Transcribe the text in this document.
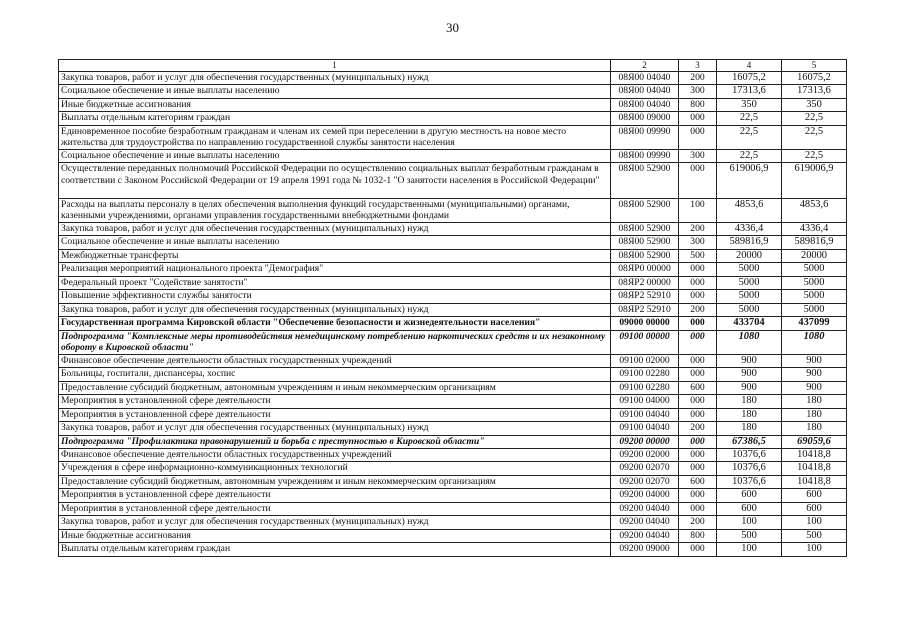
30
1	2	3	4	5
Закупка товаров, работ и услуг для обеспечения государственных (муниципальных) нужд	08Я00 04040	200	16075,2	16075,2
Социальное обеспечение и иные выплаты населению	08Я00 04040	300	17313,6	17313,6
Иные бюджетные ассигнования	08Я00 04040	800	350	350
Выплаты отдельным категориям граждан	08Я00 09000	000	22,5	22,5
Единовременное пособие безработным гражданам и членам их семей при переселении в другую местность на новое место жительства для трудоустройства по направлению государственной службы занятости населения	08Я00 09990	000	22,5	22,5
Социальное обеспечение и иные выплаты населению	08Я00 09990	300	22,5	22,5
Осуществление переданных полномочий Российской Федерации по осуществлению социальных выплат безработным гражданам в соответствии с Законом Российской Федерации от 19 апреля 1991 года № 1032-1 "О занятости населения в Российской Федерации"	08Я00 52900	000	619006,9	619006,9
Расходы на выплаты персоналу в целях обеспечения выполнения функций государственными (муниципальными) органами, казенными учреждениями, органами управления государственными внебюджетными фондами	08Я00 52900	100	4853,6	4853,6
Закупка товаров, работ и услуг для обеспечения государственных (муниципальных) нужд	08Я00 52900	200	4336,4	4336,4
Социальное обеспечение и иные выплаты населению	08Я00 52900	300	589816,9	589816,9
Межбюджетные трансферты	08Я00 52900	500	20000	20000
Реализация мероприятий национального проекта "Демография"	08ЯР0 00000	000	5000	5000
Федеральный проект "Содействие занятости"	08ЯР2 00000	000	5000	5000
Повышение эффективности службы занятости	08ЯР2 52910	000	5000	5000
Закупка товаров, работ и услуг для обеспечения государственных (муниципальных) нужд	08ЯР2 52910	200	5000	5000
Государственная программа Кировской области "Обеспечение безопасности и жизнедеятельности населения"	09000 00000	000	433704	437099
Подпрограмма "Комплексные меры противодействия немедицинскому потреблению наркотических средств и их незаконному обороту в Кировской области"	09100 00000	000	1080	1080
Финансовое обеспечение деятельности областных государственных учреждений	09100 02000	000	900	900
Больницы, госпитали, диспансеры, хоспис	09100 02280	000	900	900
Предоставление субсидий бюджетным, автономным учреждениям и иным некоммерческим организациям	09100 02280	600	900	900
Мероприятия в установленной сфере деятельности	09100 04000	000	180	180
Мероприятия в установленной сфере деятельности	09100 04040	000	180	180
Закупка товаров, работ и услуг для обеспечения государственных (муниципальных) нужд	09100 04040	200	180	180
Подпрограмма "Профилактика правонарушений и борьба с преступностью в Кировской области"	09200 00000	000	67386,5	69059,6
Финансовое обеспечение деятельности областных государственных учреждений	09200 02000	000	10376,6	10418,8
Учреждения в сфере информационно-коммуникационных технологий	09200 02070	000	10376,6	10418,8
Предоставление субсидий бюджетным, автономным учреждениям и иным некоммерческим организациям	09200 02070	600	10376,6	10418,8
Мероприятия в установленной сфере деятельности	09200 04000	000	600	600
Мероприятия в установленной сфере деятельности	09200 04040	000	600	600
Закупка товаров, работ и услуг для обеспечения государственных (муниципальных) нужд	09200 04040	200	100	100
Иные бюджетные ассигнования	09200 04040	800	500	500
Выплаты отдельным категориям граждан	09200 09000	000	100	100
